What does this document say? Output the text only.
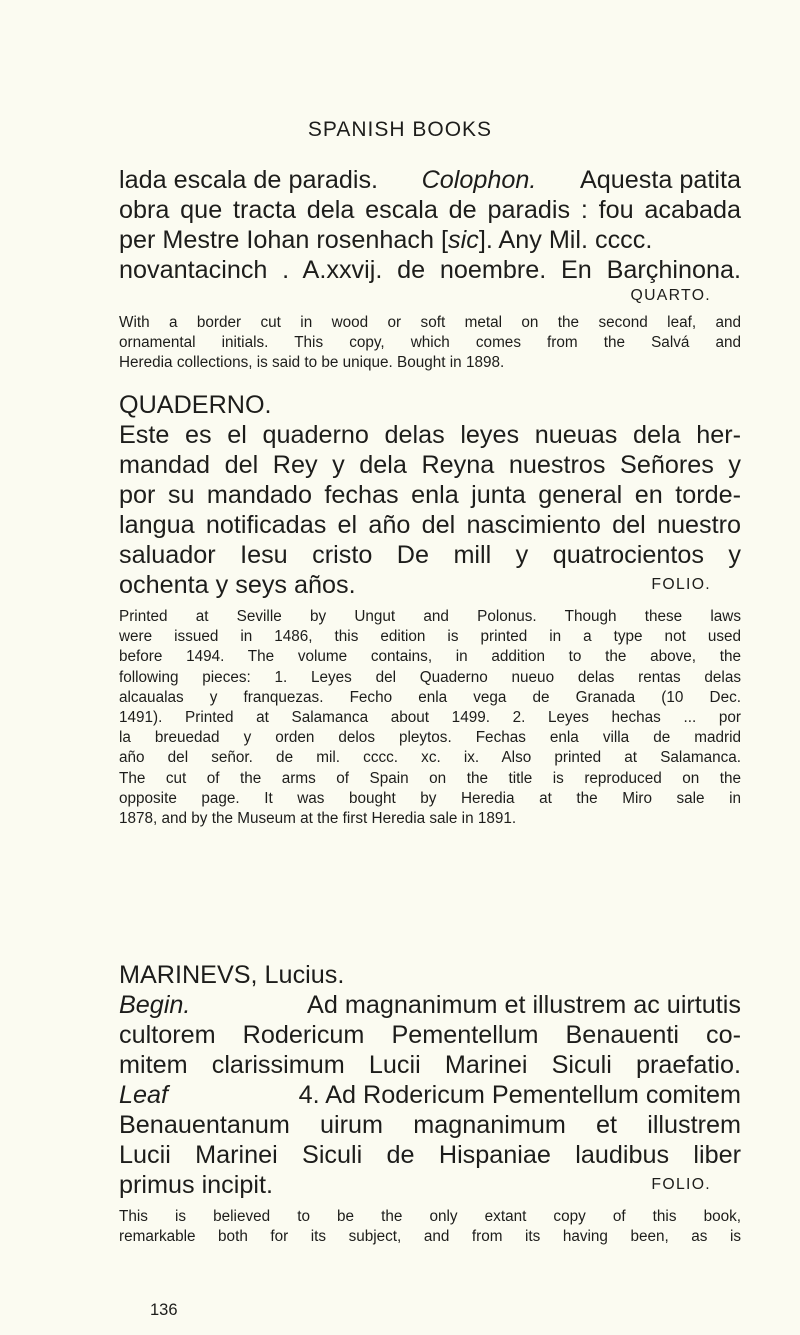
SPANISH BOOKS

lada escala de paradis. Colophon. Aquesta patita

obra que tracta dela escala de paradis : fou acabada

per Mestre Iohan rosenhach [sic]. Any Mil. cccc.

novantacinch . A.xxvij. de noembre. En Barçhinona.

QUARTO.

With a border cut in wood or soft metal on the second leaf, and

ornamental initials. This copy, which comes from the Salvá and

Heredia collections, is said to be unique. Bought in 1898.

QUADERNO.

Este es el quaderno delas leyes nueuas dela her-

mandad del Rey y dela Reyna nuestros Señores y

por su mandado fechas enla junta general en torde-

langua notificadas el año del nascimiento del nuestro

saluador Iesu cristo De mill y quatrocientos y

ochenta y seys años.	FOLIO.

Printed at Seville by Ungut and Polonus. Though these laws

were issued in 1486, this edition is printed in a type not used

before 1494. The volume contains, in addition to the above, the

following pieces: 1. Leyes del Quaderno nueuo delas rentas delas

alcaualas y franquezas. Fecho enla vega de Granada (10 Dec.

1491). Printed at Salamanca about 1499. 2. Leyes hechas ... por

la breuedad y orden delos pleytos. Fechas enla villa de madrid

año del señor. de mil. cccc. xc. ix. Also printed at Salamanca.

The cut of the arms of Spain on the title is reproduced on the

opposite page. It was bought by Heredia at the Miro sale in

1878, and by the Museum at the first Heredia sale in 1891.

MARINEVS, Lucius.

Begin.	Ad magnanimum et illustrem ac uirtutis

cultorem Rodericum Pementellum Benauenti co-

mitem clarissimum Lucii Marinei Siculi praefatio.

Leaf	4. Ad Rodericum Pementellum comitem

Benauentanum uirum magnanimum et illustrem

Lucii Marinei Siculi de Hispaniae laudibus liber

primus incipit.	FOLIO.

This is believed to be the only extant copy of this book,

remarkable both for its subject, and from its having been, as is

136
